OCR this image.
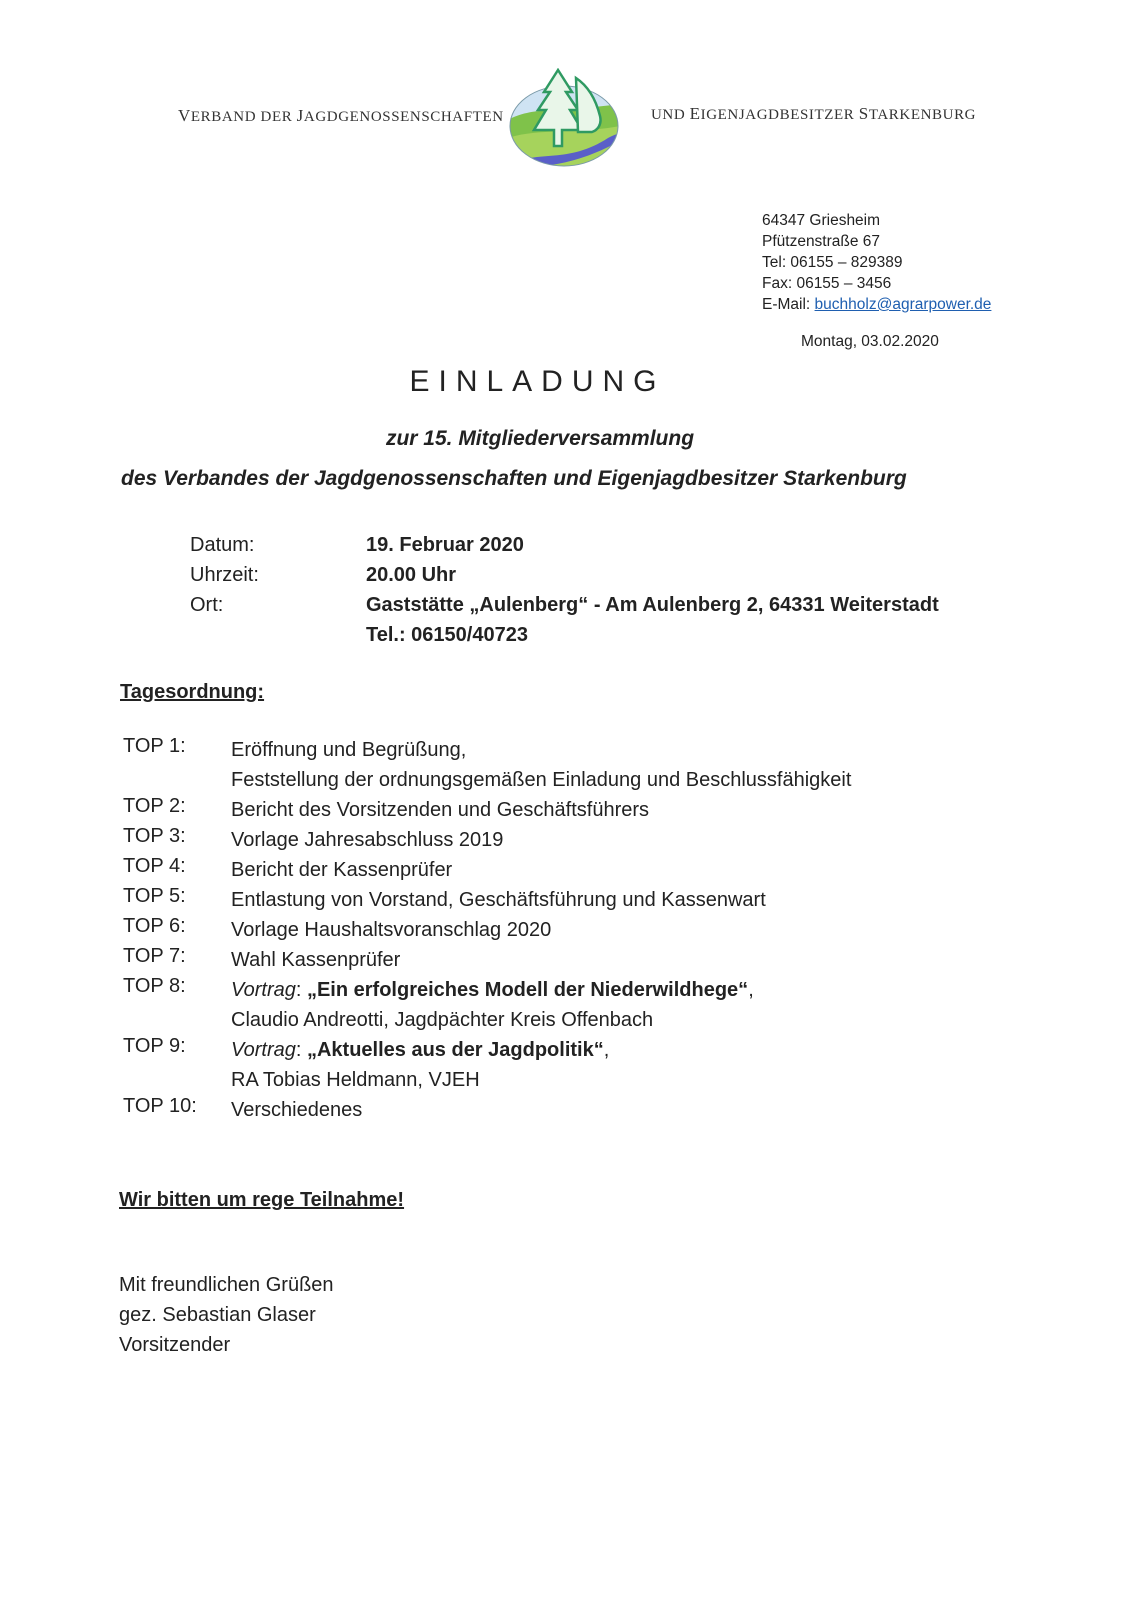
VERBAND DER JAGDGENOSSENSCHAFTEN	UND EIGENJAGDBESITZER STARKENBURG
64347 Griesheim
Pfützenstraße 67
Tel: 06155 – 829389
Fax: 06155 – 3456
E-Mail: buchholz@agrarpower.de
Montag, 03.02.2020
EINLADUNG
zur 15. Mitgliederversammlung
des Verbandes der Jagdgenossenschaften und Eigenjagdbesitzer Starkenburg
Datum:	19. Februar 2020
Uhrzeit:	20.00 Uhr
Ort:	Gaststätte „Aulenberg“ - Am Aulenberg 2, 64331 Weiterstadt
Tel.: 06150/40723
Tagesordnung:
TOP 1: Eröffnung und Begrüßung,
Feststellung der ordnungsgemäßen Einladung und Beschlussfähigkeit
TOP 2: Bericht des Vorsitzenden und Geschäftsführers
TOP 3: Vorlage Jahresabschluss 2019
TOP 4: Bericht der Kassenprüfer
TOP 5: Entlastung von Vorstand, Geschäftsführung und Kassenwart
TOP 6: Vorlage Haushaltsvoranschlag 2020
TOP 7: Wahl Kassenprüfer
TOP 8: Vortrag: „Ein erfolgreiches Modell der Niederwildhege“,
Claudio Andreotti, Jagdpächter Kreis Offenbach
TOP 9: Vortrag: „Aktuelles aus der Jagdpolitik“,
RA Tobias Heldmann, VJEH
TOP 10: Verschiedenes
Wir bitten um rege Teilnahme!
Mit freundlichen Grüßen
gez. Sebastian Glaser
Vorsitzender
